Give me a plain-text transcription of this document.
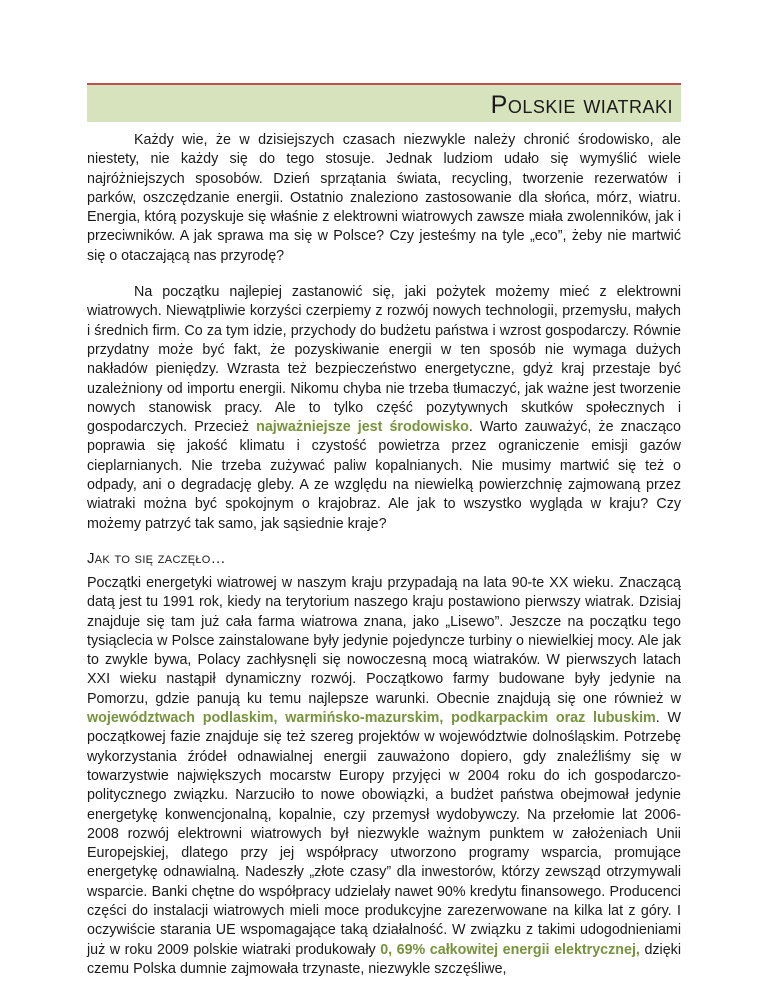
Polskie wiatraki

Każdy wie, że w dzisiejszych czasach niezwykle należy chronić środowisko, ale niestety, nie każdy się do tego stosuje. Jednak ludziom udało się wymyślić wiele najróżniejszych sposobów. Dzień sprzątania świata, recycling, tworzenie rezerwatów i parków, oszczędzanie energii. Ostatnio znaleziono zastosowanie dla słońca, mórz, wiatru. Energia, którą pozyskuje się właśnie z elektrowni wiatrowych zawsze miała zwolenników, jak i przeciwników. A jak sprawa ma się w Polsce? Czy jesteśmy na tyle „eco”, żeby nie martwić się o otaczającą nas przyrodę?

Na początku najlepiej zastanowić się, jaki pożytek możemy mieć z elektrowni wiatrowych. Niewątpliwie korzyści czerpiemy z rozwój nowych technologii, przemysłu, małych i średnich firm. Co za tym idzie, przychody do budżetu państwa i wzrost gospodarczy. Równie przydatny może być fakt, że pozyskiwanie energii w ten sposób nie wymaga dużych nakładów pieniędzy. Wzrasta też bezpieczeństwo energetyczne, gdyż kraj przestaje być uzależniony od importu energii. Nikomu chyba nie trzeba tłumaczyć, jak ważne jest tworzenie nowych stanowisk pracy. Ale to tylko część pozytywnych skutków społecznych i gospodarczych. Przecież najważniejsze jest środowisko. Warto zauważyć, że znacząco poprawia się jakość klimatu i czystość powietrza przez ograniczenie emisji gazów cieplarnianych. Nie trzeba zużywać paliw kopalnianych. Nie musimy martwić się też o odpady, ani o degradację gleby. A ze względu na niewielką powierzchnię zajmowaną przez wiatraki można być spokojnym o krajobraz. Ale jak to wszystko wygląda w kraju? Czy możemy patrzyć tak samo, jak sąsiednie kraje?

Jak to się zaczęło…

Początki energetyki wiatrowej w naszym kraju przypadają na lata 90-te XX wieku. Znaczącą datą jest tu 1991 rok, kiedy na terytorium naszego kraju postawiono pierwszy wiatrak. Dzisiaj znajduje się tam już cała farma wiatrowa znana, jako „Lisewo”. Jeszcze na początku tego tysiąclecia w Polsce zainstalowane były jedynie pojedyncze turbiny o niewielkiej mocy. Ale jak to zwykle bywa, Polacy zachłysnęli się nowoczesną mocą wiatraków. W pierwszych latach XXI wieku nastąpił dynamiczny rozwój. Początkowo farmy budowane były jedynie na Pomorzu, gdzie panują ku temu najlepsze warunki. Obecnie znajdują się one również w województwach podlaskim, warmińsko-mazurskim, podkarpackim oraz lubuskim. W początkowej fazie znajduje się też szereg projektów w województwie dolnośląskim. Potrzebę wykorzystania źródeł odnawialnej energii zauważono dopiero, gdy znaleźliśmy się w towarzystwie największych mocarstw Europy przyjęci w 2004 roku do ich gospodarczo-politycznego związku. Narzuciło to nowe obowiązki, a budżet państwa obejmował jedynie energetykę konwencjonalną, kopalnie, czy przemysł wydobywczy. Na przełomie lat 2006-2008 rozwój elektrowni wiatrowych był niezwykle ważnym punktem w założeniach Unii Europejskiej, dlatego przy jej współpracy utworzono programy wsparcia, promujące energetykę odnawialną. Nadeszły „złote czasy” dla inwestorów, którzy zewsząd otrzymywali wsparcie. Banki chętne do współpracy udzielały nawet 90% kredytu finansowego. Producenci części do instalacji wiatrowych mieli moce produkcyjne zarezerwowane na kilka lat z góry. I oczywiście starania UE wspomagające taką działalność. W związku z takimi udogodnieniami już w roku 2009 polskie wiatraki produkowały 0, 69% całkowitej energii elektrycznej, dzięki czemu Polska dumnie zajmowała trzynaste, niezwykle szczęśliwe,
